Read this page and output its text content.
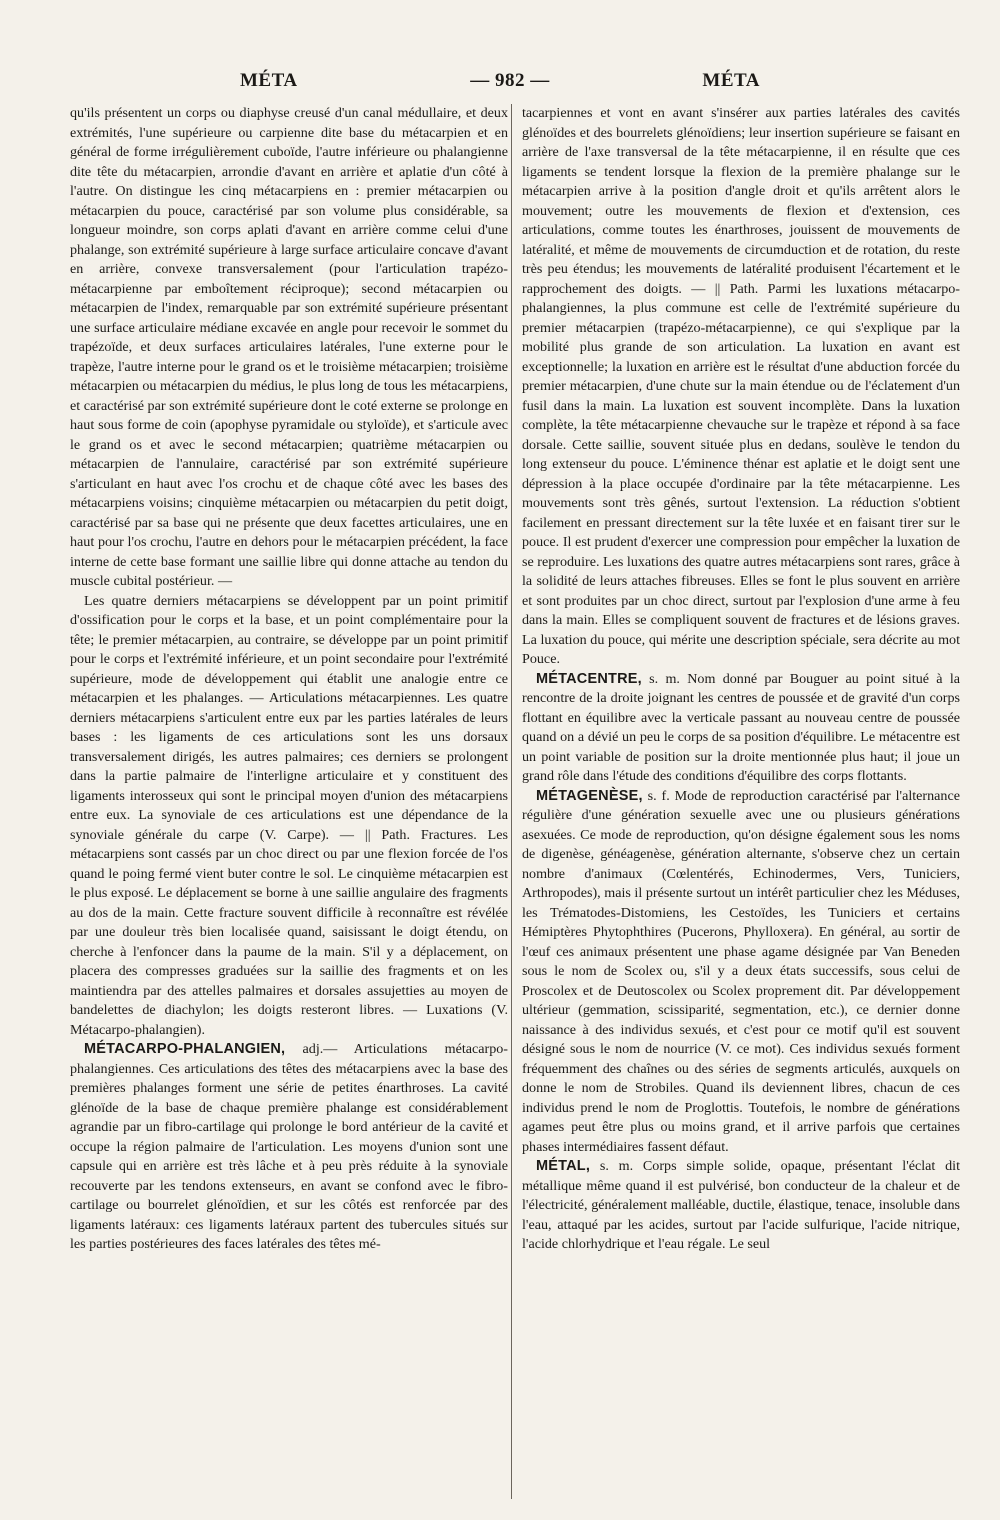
MÉTA	— 982 —	MÉTA

qu'ils présentent un corps ou diaphyse creusé d'un canal médullaire, et deux extrémités, l'une supérieure ou carpienne dite base du métacarpien et en général de forme irrégulièrement cuboïde, l'autre inférieure ou phalangienne dite tête du métacarpien, arrondie d'avant en arrière et aplatie d'un côté à l'autre. On distingue les cinq métacarpiens en : premier métacarpien ou métacarpien du pouce, caractérisé par son volume plus considérable, sa longueur moindre, son corps aplati d'avant en arrière comme celui d'une phalange, son extrémité supérieure à large surface articulaire concave d'avant en arrière, convexe transversalement (pour l'articulation trapézo-métacarpienne par emboîtement réciproque); second métacarpien ou métacarpien de l'index, remarquable par son extrémité supérieure présentant une surface articulaire médiane excavée en angle pour recevoir le sommet du trapézoïde, et deux surfaces articulaires latérales, l'une externe pour le trapèze, l'autre interne pour le grand os et le troisième métacarpien; troisième métacarpien ou métacarpien du médius, le plus long de tous les métacarpiens, et caractérisé par son extrémité supérieure dont le coté externe se prolonge en haut sous forme de coin (apophyse pyramidale ou styloïde), et s'articule avec le grand os et avec le second métacarpien; quatrième métacarpien ou métacarpien de l'annulaire, caractérisé par son extrémité supérieure s'articulant en haut avec l'os crochu et de chaque côté avec les bases des métacarpiens voisins; cinquième métacarpien ou métacarpien du petit doigt, caractérisé par sa base qui ne présente que deux facettes articulaires, une en haut pour l'os crochu, l'autre en dehors pour le métacarpien précédent, la face interne de cette base formant une saillie libre qui donne attache au tendon du muscle cubital postérieur. —

Les quatre derniers métacarpiens se développent par un point primitif d'ossification pour le corps et la base, et un point complémentaire pour la tête; le premier métacarpien, au contraire, se développe par un point primitif pour le corps et l'extrémité inférieure, et un point secondaire pour l'extrémité supérieure, mode de développement qui établit une analogie entre ce métacarpien et les phalanges. — Articulations métacarpiennes. Les quatre derniers métacarpiens s'articulent entre eux par les parties latérales de leurs bases : les ligaments de ces articulations sont les uns dorsaux transversalement dirigés, les autres palmaires; ces derniers se prolongent dans la partie palmaire de l'interligne articulaire et y constituent des ligaments interosseux qui sont le principal moyen d'union des métacarpiens entre eux. La synoviale de ces articulations est une dépendance de la synoviale générale du carpe (V. Carpe). — || Path. Fractures. Les métacarpiens sont cassés par un choc direct ou par une flexion forcée de l'os quand le poing fermé vient buter contre le sol. Le cinquième métacarpien est le plus exposé. Le déplacement se borne à une saillie angulaire des fragments au dos de la main. Cette fracture souvent difficile à reconnaître est révélée par une douleur très bien localisée quand, saisissant le doigt étendu, on cherche à l'enfoncer dans la paume de la main. S'il y a déplacement, on placera des compresses graduées sur la saillie des fragments et on les maintiendra par des attelles palmaires et dorsales assujetties au moyen de bandelettes de diachylon; les doigts resteront libres. — Luxations (V. Métacarpo-phalangien).

MÉTACARPO-PHALANGIEN, adj.— Articulations métacarpo-phalangiennes. Ces articulations des têtes des métacarpiens avec la base des premières phalanges forment une série de petites énarthroses. La cavité glénoïde de la base de chaque première phalange est considérablement agrandie par un fibro-cartilage qui prolonge le bord antérieur de la cavité et occupe la région palmaire de l'articulation. Les moyens d'union sont une capsule qui en arrière est très lâche et à peu près réduite à la synoviale recouverte par les tendons extenseurs, en avant se confond avec le fibro-cartilage ou bourrelet glénoïdien, et sur les côtés est renforcée par des ligaments latéraux: ces ligaments latéraux partent des tubercules situés sur les parties postérieures des faces latérales des têtes mé-

tacarpiennes et vont en avant s'insérer aux parties latérales des cavités glénoïdes et des bourrelets glénoïdiens; leur insertion supérieure se faisant en arrière de l'axe transversal de la tête métacarpienne, il en résulte que ces ligaments se tendent lorsque la flexion de la première phalange sur le métacarpien arrive à la position d'angle droit et qu'ils arrêtent alors le mouvement; outre les mouvements de flexion et d'extension, ces articulations, comme toutes les énarthroses, jouissent de mouvements de latéralité, et même de mouvements de circumduction et de rotation, du reste très peu étendus; les mouvements de latéralité produisent l'écartement et le rapprochement des doigts. — || Path. Parmi les luxations métacarpo-phalangiennes, la plus commune est celle de l'extrémité supérieure du premier métacarpien (trapézo-métacarpienne), ce qui s'explique par la mobilité plus grande de son articulation. La luxation en avant est exceptionnelle; la luxation en arrière est le résultat d'une abduction forcée du premier métacarpien, d'une chute sur la main étendue ou de l'éclatement d'un fusil dans la main. La luxation est souvent incomplète. Dans la luxation complète, la tête métacarpienne chevauche sur le trapèze et répond à sa face dorsale. Cette saillie, souvent située plus en dedans, soulève le tendon du long extenseur du pouce. L'éminence thénar est aplatie et le doigt sent une dépression à la place occupée d'ordinaire par la tête métacarpienne. Les mouvements sont très gênés, surtout l'extension. La réduction s'obtient facilement en pressant directement sur la tête luxée et en faisant tirer sur le pouce. Il est prudent d'exercer une compression pour empêcher la luxation de se reproduire. Les luxations des quatre autres métacarpiens sont rares, grâce à la solidité de leurs attaches fibreuses. Elles se font le plus souvent en arrière et sont produites par un choc direct, surtout par l'explosion d'une arme à feu dans la main. Elles se compliquent souvent de fractures et de lésions graves. La luxation du pouce, qui mérite une description spéciale, sera décrite au mot Pouce.

MÉTACENTRE, s. m. Nom donné par Bouguer au point situé à la rencontre de la droite joignant les centres de poussée et de gravité d'un corps flottant en équilibre avec la verticale passant au nouveau centre de poussée quand on a dévié un peu le corps de sa position d'équilibre. Le métacentre est un point variable de position sur la droite mentionnée plus haut; il joue un grand rôle dans l'étude des conditions d'équilibre des corps flottants.

MÉTAGENÈSE, s. f. Mode de reproduction caractérisé par l'alternance régulière d'une génération sexuelle avec une ou plusieurs générations asexuées. Ce mode de reproduction, qu'on désigne également sous les noms de digenèse, généagenèse, génération alternante, s'observe chez un certain nombre d'animaux (Cœlentérés, Echinodermes, Vers, Tuniciers, Arthropodes), mais il présente surtout un intérêt particulier chez les Méduses, les Trématodes-Distomiens, les Cestoïdes, les Tuniciers et certains Hémiptères Phytophthires (Pucerons, Phylloxera). En général, au sortir de l'œuf ces animaux présentent une phase agame désignée par Van Beneden sous le nom de Scolex ou, s'il y a deux états successifs, sous celui de Proscolex et de Deutoscolex ou Scolex proprement dit. Par développement ultérieur (gemmation, scissiparité, segmentation, etc.), ce dernier donne naissance à des individus sexués, et c'est pour ce motif qu'il est souvent désigné sous le nom de nourrice (V. ce mot). Ces individus sexués forment fréquemment des chaînes ou des séries de segments articulés, auxquels on donne le nom de Strobiles. Quand ils deviennent libres, chacun de ces individus prend le nom de Proglottis. Toutefois, le nombre de générations agames peut être plus ou moins grand, et il arrive parfois que certaines phases intermédiaires fassent défaut.

MÉTAL, s. m. Corps simple solide, opaque, présentant l'éclat dit métallique même quand il est pulvérisé, bon conducteur de la chaleur et de l'électricité, généralement malléable, ductile, élastique, tenace, insoluble dans l'eau, attaqué par les acides, surtout par l'acide sulfurique, l'acide nitrique, l'acide chlorhydrique et l'eau régale. Le seul
